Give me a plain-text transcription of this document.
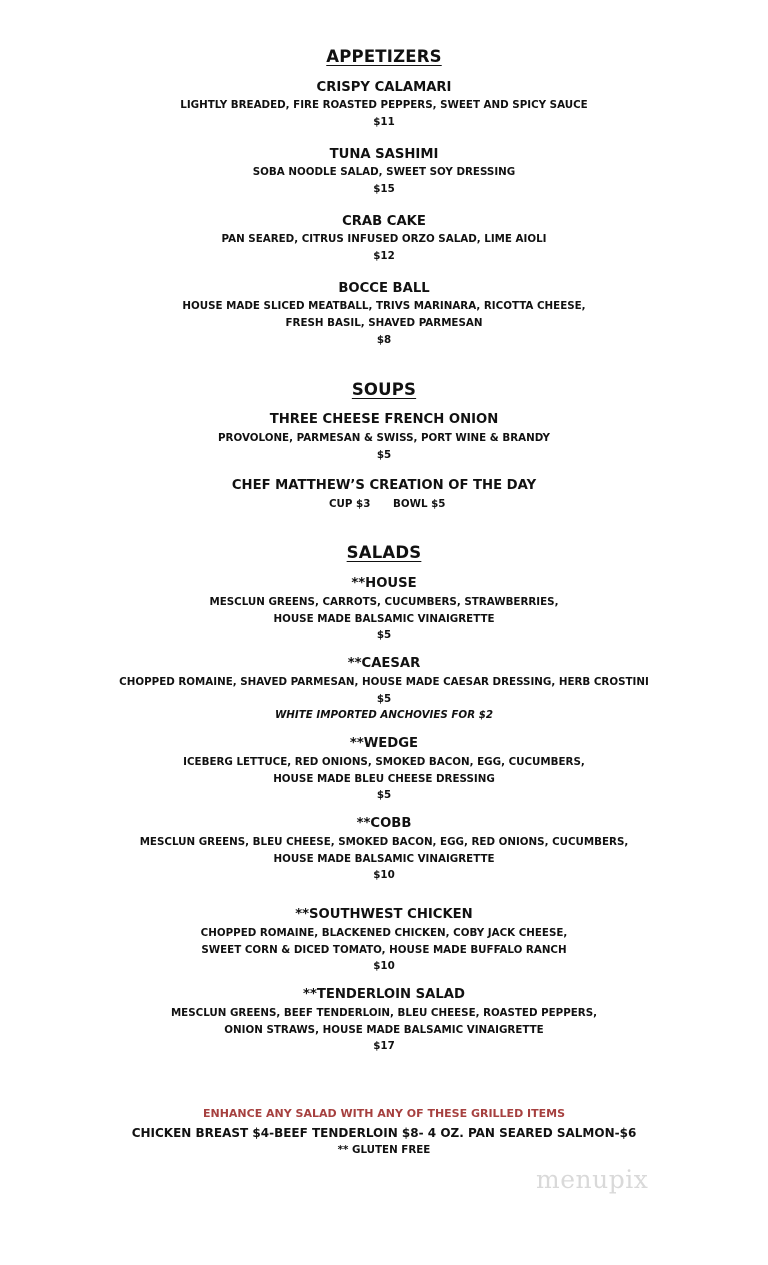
APPETIZERS
CRISPY CALAMARI
LIGHTLY BREADED, FIRE ROASTED PEPPERS, SWEET AND SPICY SAUCE
$11
TUNA SASHIMI
SOBA NOODLE SALAD, SWEET SOY DRESSING
$15
CRAB CAKE
PAN SEARED, CITRUS INFUSED ORZO SALAD, LIME AIOLI
$12
BOCCE BALL
HOUSE MADE SLICED MEATBALL, TRIVS MARINARA, RICOTTA CHEESE,
FRESH BASIL, SHAVED PARMESAN
$8
SOUPS
THREE CHEESE FRENCH ONION
PROVOLONE, PARMESAN & SWISS, PORT WINE & BRANDY
$5
CHEF MATTHEW’S CREATION OF THE DAY
CUP $3 BOWL $5
SALADS
**HOUSE
MESCLUN GREENS, CARROTS, CUCUMBERS, STRAWBERRIES,
HOUSE MADE BALSAMIC VINAIGRETTE
$5
**CAESAR
CHOPPED ROMAINE, SHAVED PARMESAN, HOUSE MADE CAESAR DRESSING, HERB CROSTINI
$5
WHITE IMPORTED ANCHOVIES FOR $2
**WEDGE
ICEBERG LETTUCE, RED ONIONS, SMOKED BACON, EGG, CUCUMBERS,
HOUSE MADE BLEU CHEESE DRESSING
$5
**COBB
MESCLUN GREENS, BLEU CHEESE, SMOKED BACON, EGG, RED ONIONS, CUCUMBERS,
HOUSE MADE BALSAMIC VINAIGRETTE
$10
**SOUTHWEST CHICKEN
CHOPPED ROMAINE, BLACKENED CHICKEN, COBY JACK CHEESE,
SWEET CORN & DICED TOMATO, HOUSE MADE BUFFALO RANCH
$10
**TENDERLOIN SALAD
MESCLUN GREENS, BEEF TENDERLOIN, BLEU CHEESE, ROASTED PEPPERS,
ONION STRAWS, HOUSE MADE BALSAMIC VINAIGRETTE
$17
ENHANCE ANY SALAD WITH ANY OF THESE GRILLED ITEMS
CHICKEN BREAST $4-BEEF TENDERLOIN $8- 4 OZ. PAN SEARED SALMON-$6
** GLUTEN FREE
menupix
